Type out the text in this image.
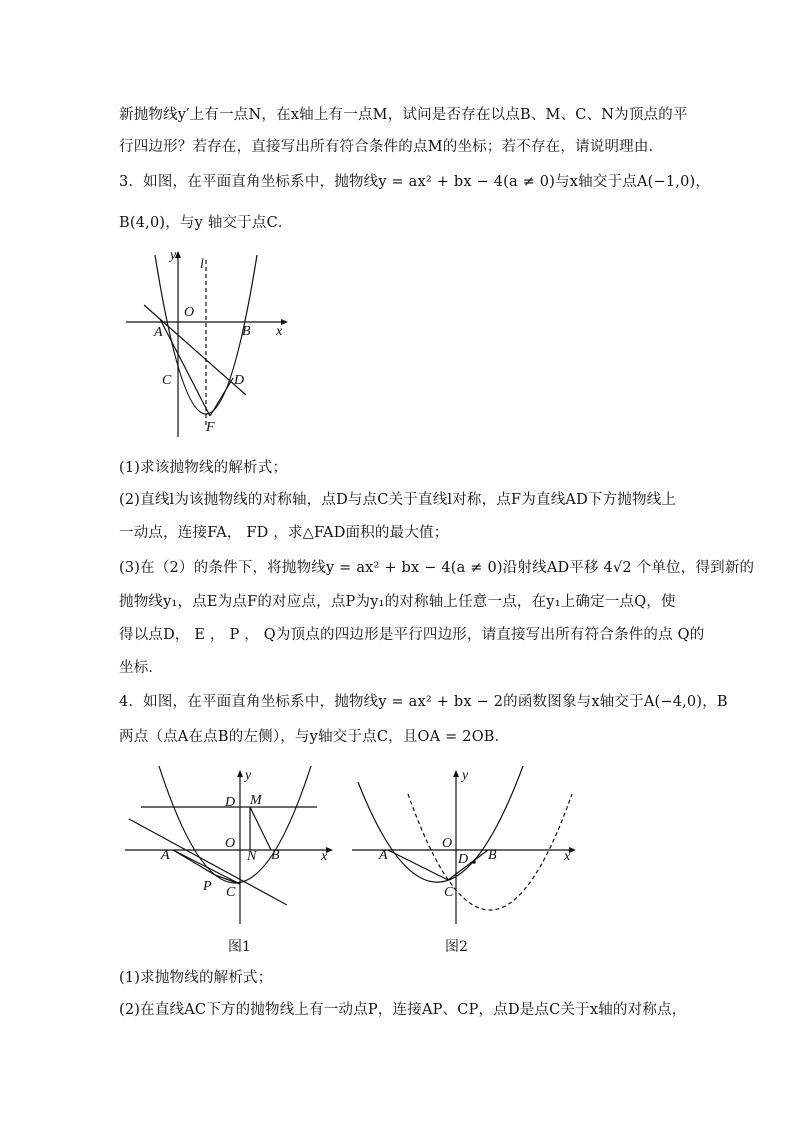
新抛物线y′上有一点N，在x轴上有一点M，试问是否存在以点B、M、C、N为顶点的平
行四边形？若存在，直接写出所有符合条件的点M的坐标；若不存在，请说明理由．
3．如图，在平面直角坐标系中，抛物线y = ax² + bx − 4(a ≠ 0)与x轴交于点A(−1,0)，
B(4,0)，与y 轴交于点C．
(1)求该抛物线的解析式；
(2)直线l为该抛物线的对称轴，点D与点C关于直线l对称，点F为直线AD下方抛物线上
一动点，连接FA， FD ，求△FAD面积的最大值；
(3)在（2）的条件下，将抛物线y = ax² + bx − 4(a ≠ 0)沿射线AD平移 4√2 个单位，得到新的
抛物线y₁，点E为点F的对应点，点P为y₁的对称轴上任意一点，在y₁上确定一点Q，使
得以点D， E ， P ， Q为顶点的四边形是平行四边形，请直接写出所有符合条件的点 Q的
坐标．
4．如图，在平面直角坐标系中，抛物线y = ax² + bx − 2的函数图象与x轴交于A(−4,0)，B
两点（点A在点B的左侧），与y轴交于点C，且OA = 2OB．
(1)求抛物线的解析式；
(2)在直线AC下方的抛物线上有一动点P，连接AP、CP，点D是点C关于x轴的对称点，
y
l
O
A	B x
C	D
F
y
D M
A
O
N B	x
P C
图1
y
A
O
D B	x
C
图2
